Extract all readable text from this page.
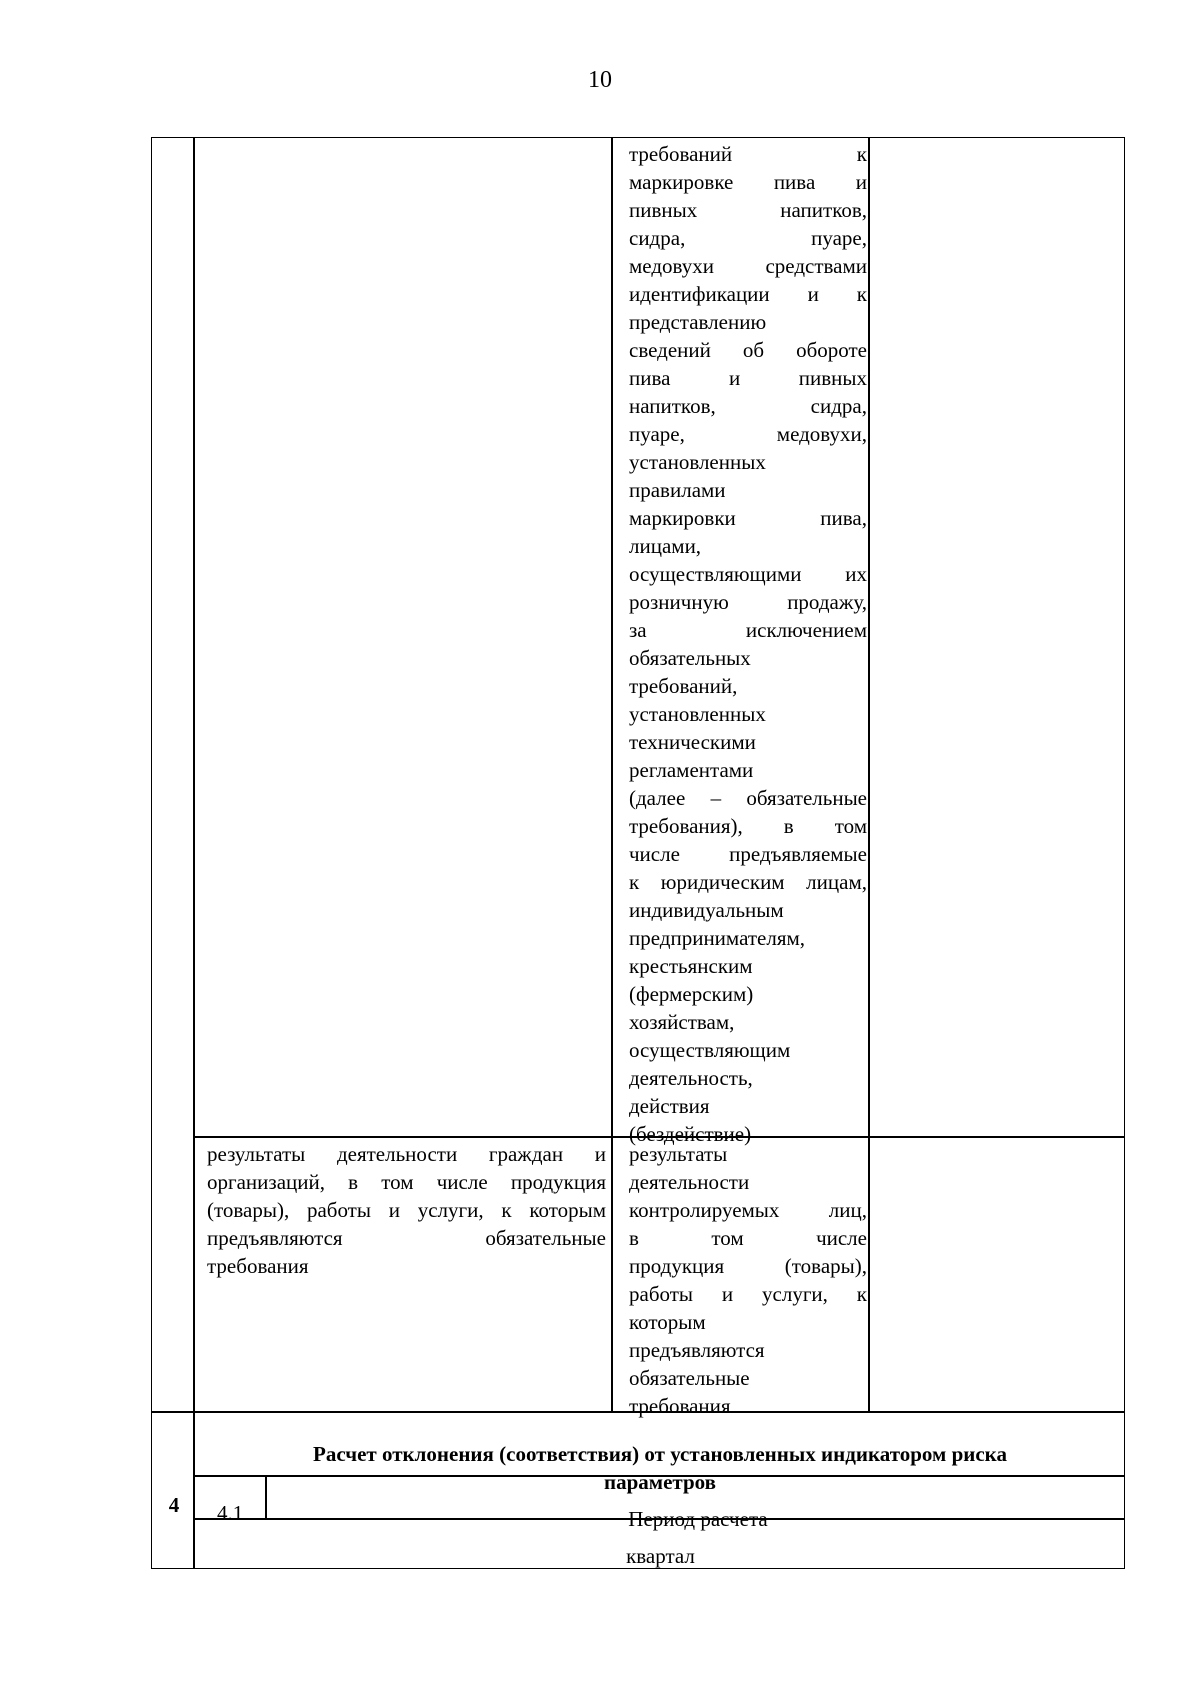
10
требований к
маркировке пива и
пивных напитков,
сидра, пуаре,
медовухи средствами
идентификации и к
представлению
сведений об обороте
пива и пивных
напитков, сидра,
пуаре, медовухи,
установленных
правилами
маркировки пива,
лицами,
осуществляющими их
розничную продажу,
за исключением
обязательных
требований,
установленных
техническими
регламентами
(далее – обязательные
требования), в том
числе предъявляемые
к юридическим лицам,
индивидуальным
предпринимателям,
крестьянским
(фермерским)
хозяйствам,
осуществляющим
деятельность,
действия
(бездействие)
результаты деятельности граждан и
организаций, в том числе продукция
(товары), работы и услуги, к которым
предъявляются обязательные
требования
результаты
деятельности
контролируемых лиц,
в том числе
продукция (товары),
работы и услуги, к
которым
предъявляются
обязательные
требования
4
Расчет отклонения (соответствия) от установленных индикатором риска
параметров
4.1	Период расчета
квартал
